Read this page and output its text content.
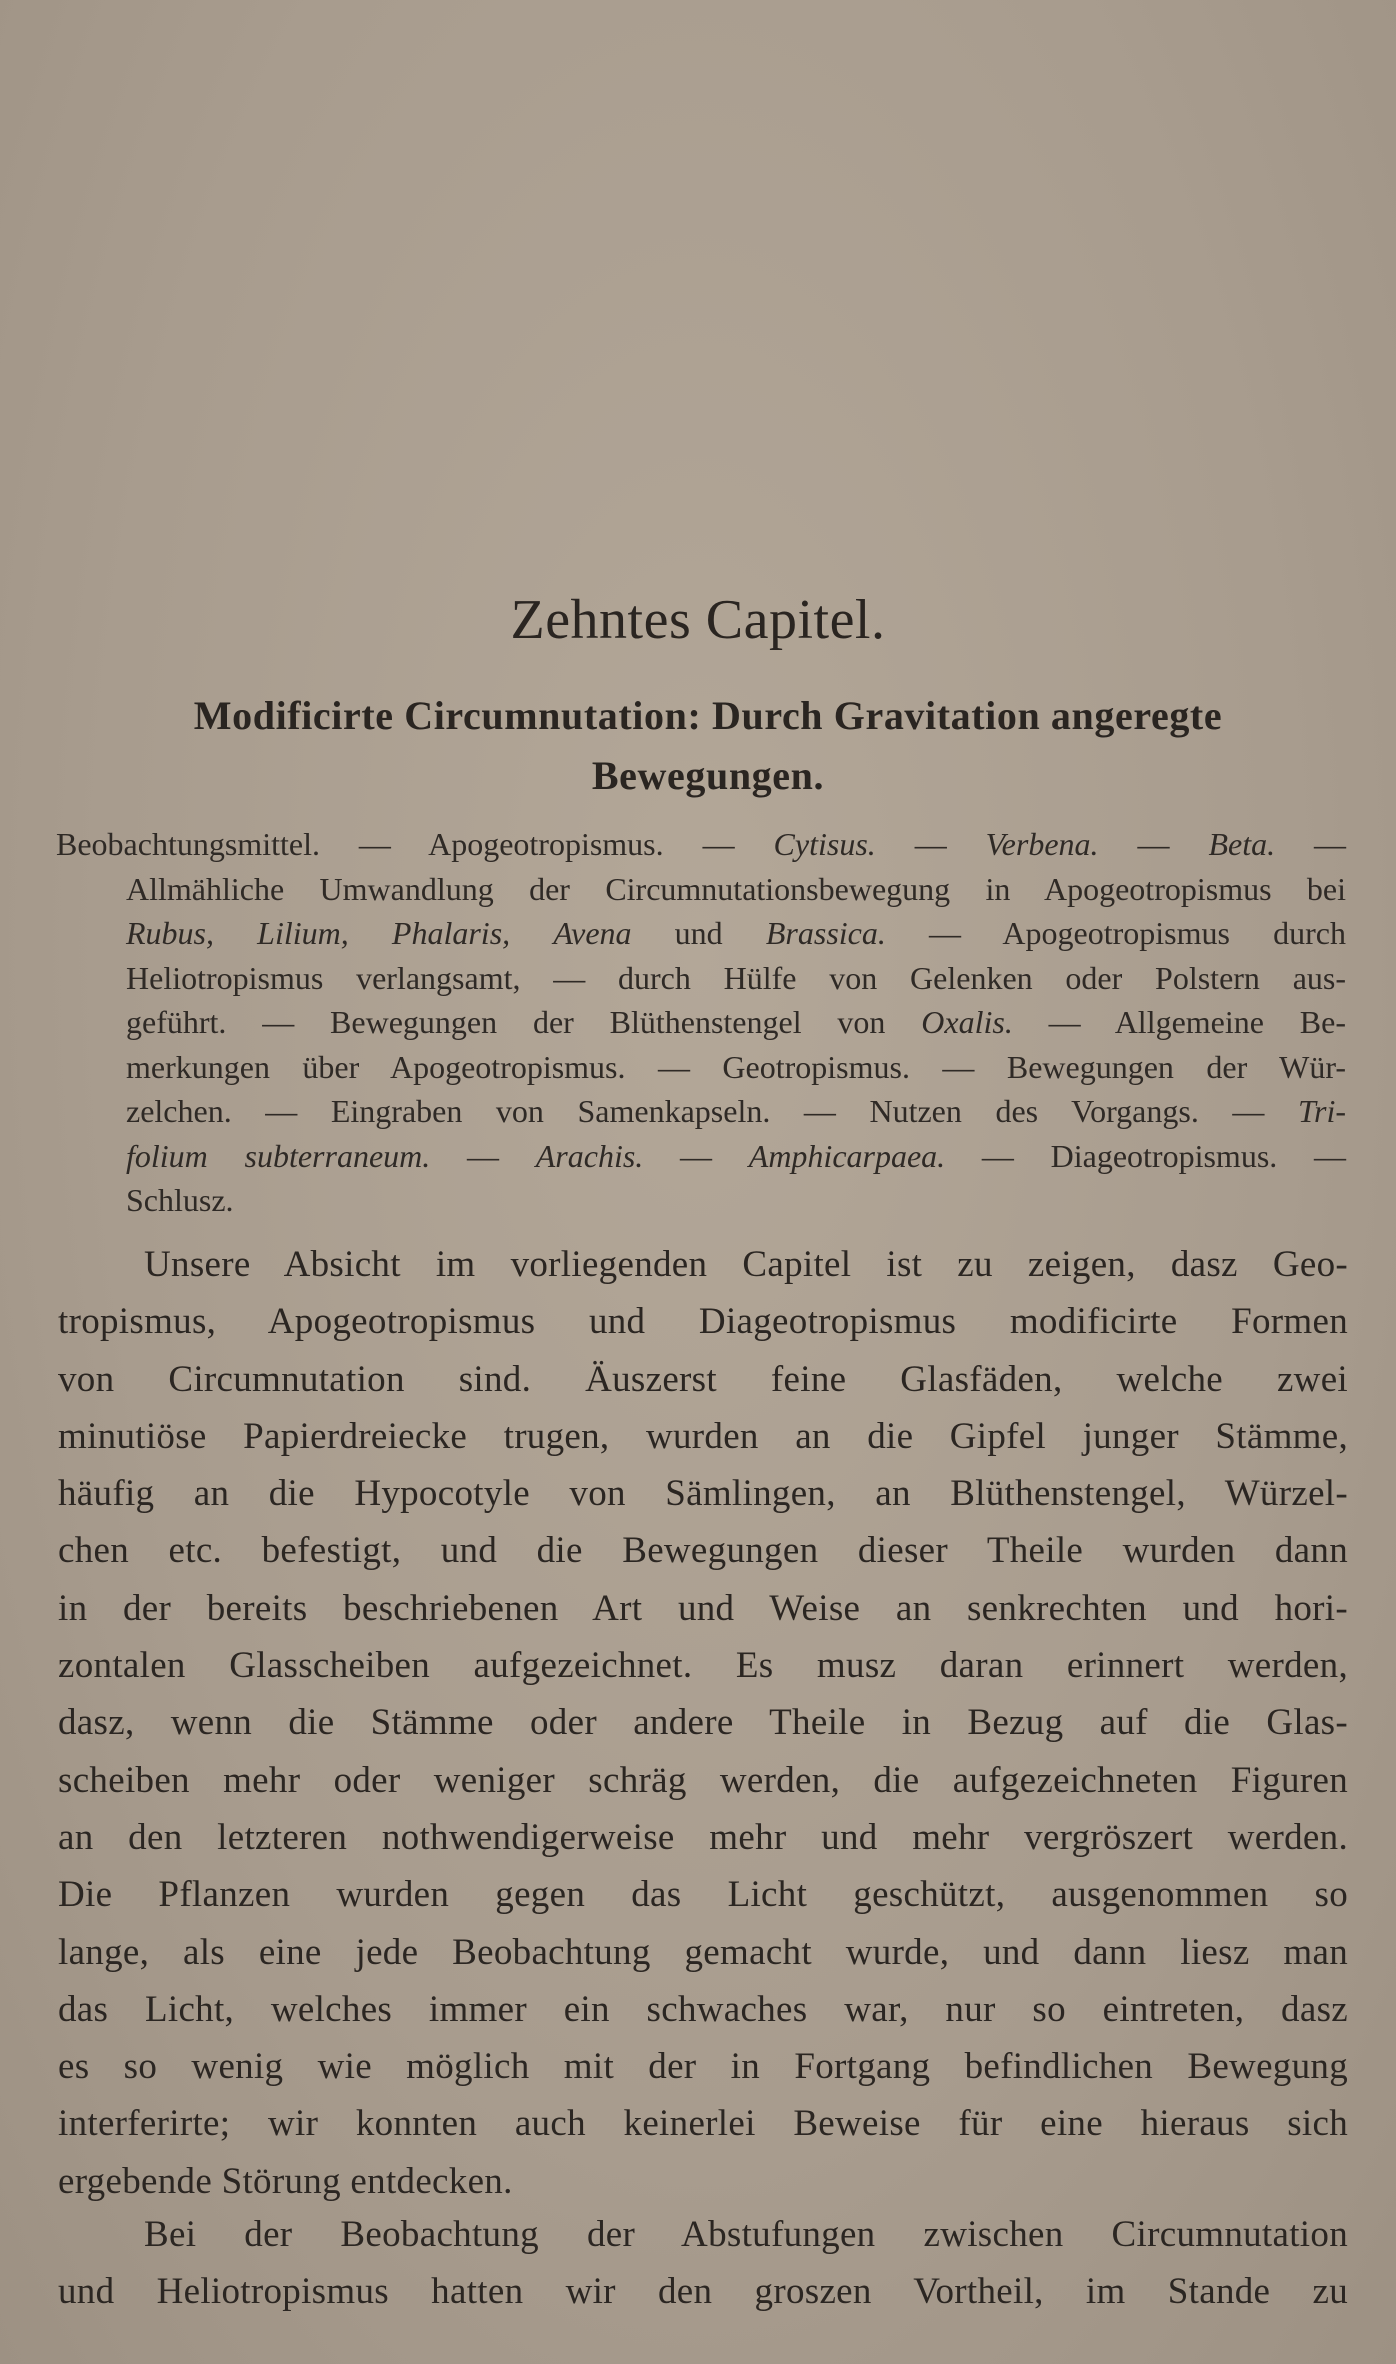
Zehntes Capitel.
Modificirte Circumnutation: Durch Gravitation angeregte
Bewegungen.
Beobachtungsmittel. — Apogeotropismus. — Cytisus. — Verbena. — Beta. —
Allmähliche Umwandlung der Circumnutationsbewegung in Apogeotropismus bei
Rubus, Lilium, Phalaris, Avena und Brassica. — Apogeotropismus durch
Heliotropismus verlangsamt, — durch Hülfe von Gelenken oder Polstern aus-
geführt. — Bewegungen der Blüthenstengel von Oxalis. — Allgemeine Be-
merkungen über Apogeotropismus. — Geotropismus. — Bewegungen der Wür-
zelchen. — Eingraben von Samenkapseln. — Nutzen des Vorgangs. — Tri-
folium subterraneum. — Arachis. — Amphicarpaea. — Diageotropismus. —
Schlusz.
Unsere Absicht im vorliegenden Capitel ist zu zeigen, dasz Geo-
tropismus, Apogeotropismus und Diageotropismus modificirte Formen
von Circumnutation sind. Äuszerst feine Glasfäden, welche zwei
minutiöse Papierdreiecke trugen, wurden an die Gipfel junger Stämme,
häufig an die Hypocotyle von Sämlingen, an Blüthenstengel, Würzel-
chen etc. befestigt, und die Bewegungen dieser Theile wurden dann
in der bereits beschriebenen Art und Weise an senkrechten und hori-
zontalen Glasscheiben aufgezeichnet. Es musz daran erinnert werden,
dasz, wenn die Stämme oder andere Theile in Bezug auf die Glas-
scheiben mehr oder weniger schräg werden, die aufgezeichneten Figuren
an den letzteren nothwendigerweise mehr und mehr vergröszert werden.
Die Pflanzen wurden gegen das Licht geschützt, ausgenommen so
lange, als eine jede Beobachtung gemacht wurde, und dann liesz man
das Licht, welches immer ein schwaches war, nur so eintreten, dasz
es so wenig wie möglich mit der in Fortgang befindlichen Bewegung
interferirte; wir konnten auch keinerlei Beweise für eine hieraus sich
ergebende Störung entdecken.
Bei der Beobachtung der Abstufungen zwischen Circumnutation
und Heliotropismus hatten wir den groszen Vortheil, im Stande zu
